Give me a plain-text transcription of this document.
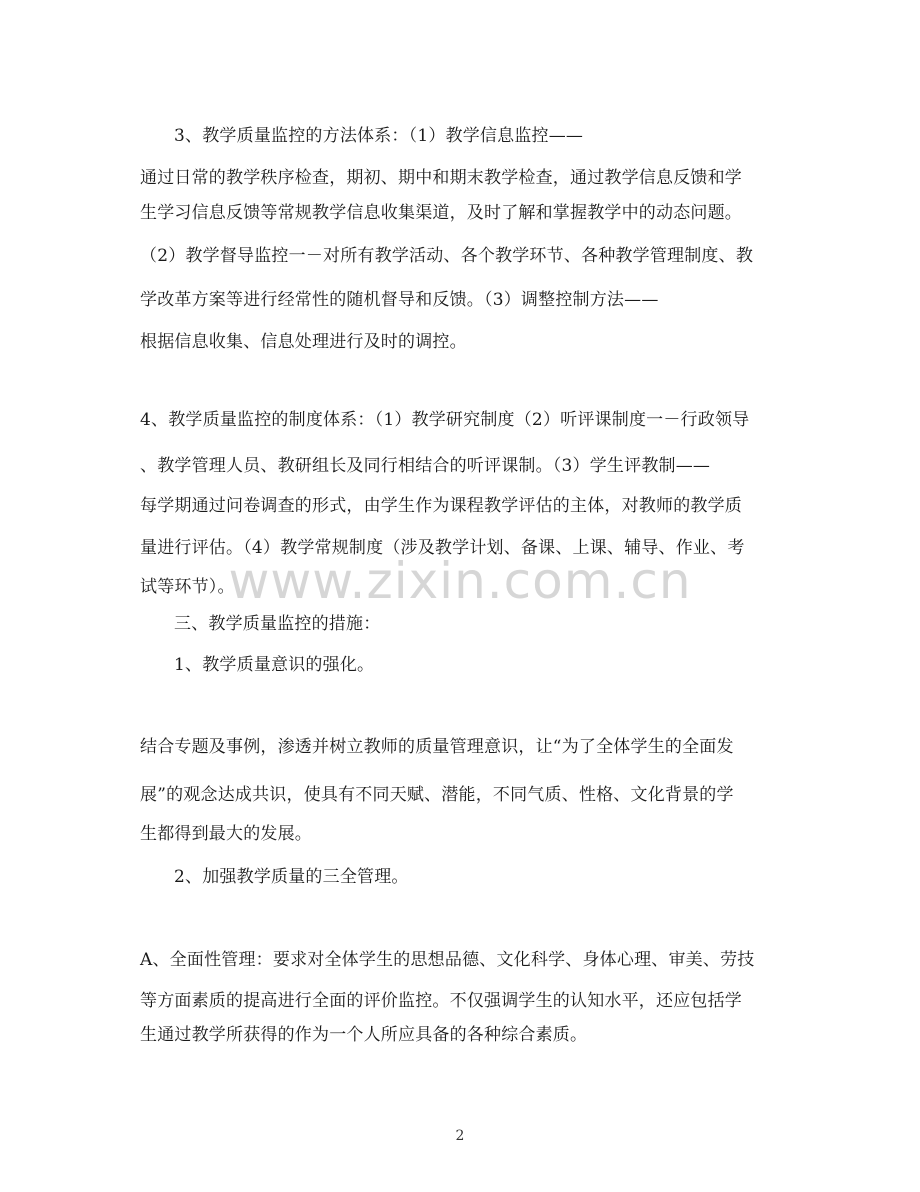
www.zixin.com.cn
3、教学质量监控的方法体系：（1）教学信息监控——
通过日常的教学秩序检查，期初、期中和期末教学检查，通过教学信息反馈和学
生学习信息反馈等常规教学信息收集渠道，及时了解和掌握教学中的动态问题。
（2）教学督导监控一－对所有教学活动、各个教学环节、各种教学管理制度、教
学改革方案等进行经常性的随机督导和反馈。（3）调整控制方法——
根据信息收集、信息处理进行及时的调控。
4、教学质量监控的制度体系：（1）教学研究制度（2）听评课制度一－行政领导
、教学管理人员、教研组长及同行相结合的听评课制。（3）学生评教制——
每学期通过问卷调查的形式，由学生作为课程教学评估的主体，对教师的教学质
量进行评估。（4）教学常规制度（涉及教学计划、备课、上课、辅导、作业、考
试等环节）。
三、教学质量监控的措施：
1、教学质量意识的强化。
结合专题及事例，渗透并树立教师的质量管理意识，让“为了全体学生的全面发
展”的观念达成共识，使具有不同天赋、潜能，不同气质、性格、文化背景的学
生都得到最大的发展。
2、加强教学质量的三全管理。
A、全面性管理：要求对全体学生的思想品德、文化科学、身体心理、审美、劳技
等方面素质的提高进行全面的评价监控。不仅强调学生的认知水平，还应包括学
生通过教学所获得的作为一个人所应具备的各种综合素质。
2
